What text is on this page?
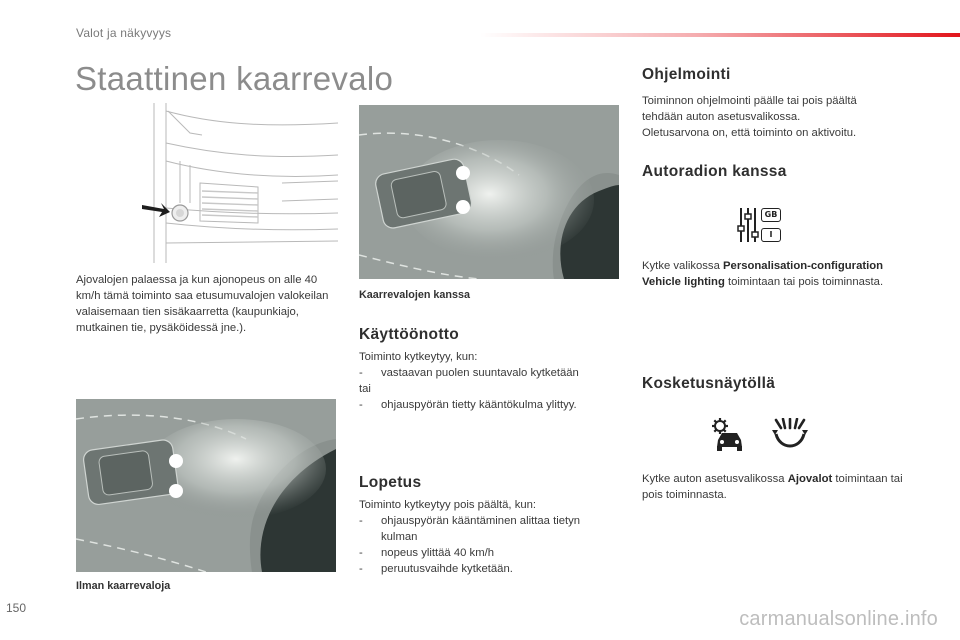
Valot ja näkyvyys
Staattinen kaarrevalo
Ajovalojen palaessa ja kun ajonopeus on alle 40 km/h tämä toiminto saa etusumuvalojen valokeilan valaisemaan tien sisäkaarretta (kaupunkiajo, mutkainen tie, pysäköidessä jne.).
Kaarrevalojen kanssa
Käyttöönotto
Toiminto kytkeytyy, kun:
- vastaavan puolen suuntavalo kytketään
tai
- ohjauspyörän tietty kääntökulma ylittyy.
Ilman kaarrevaloja
Lopetus
Toiminto kytkeytyy pois päältä, kun:
- ohjauspyörän kääntäminen alittaa tietyn kulman
- nopeus ylittää 40 km/h
- peruutusvaihde kytketään.
Ohjelmointi
Toiminnon ohjelmointi päälle tai pois päältä tehdään auton asetusvalikossa.
Oletusarvona on, että toiminto on aktivoitu.
Autoradion kanssa
GB
I
Kytke valikossa Personalisation-configuration Vehicle lighting toimintaan tai pois toiminnasta.
Kosketusnäytöllä
Kytke auton asetusvalikossa Ajovalot toimintaan tai pois toiminnasta.
150	carmanualsonline.info
